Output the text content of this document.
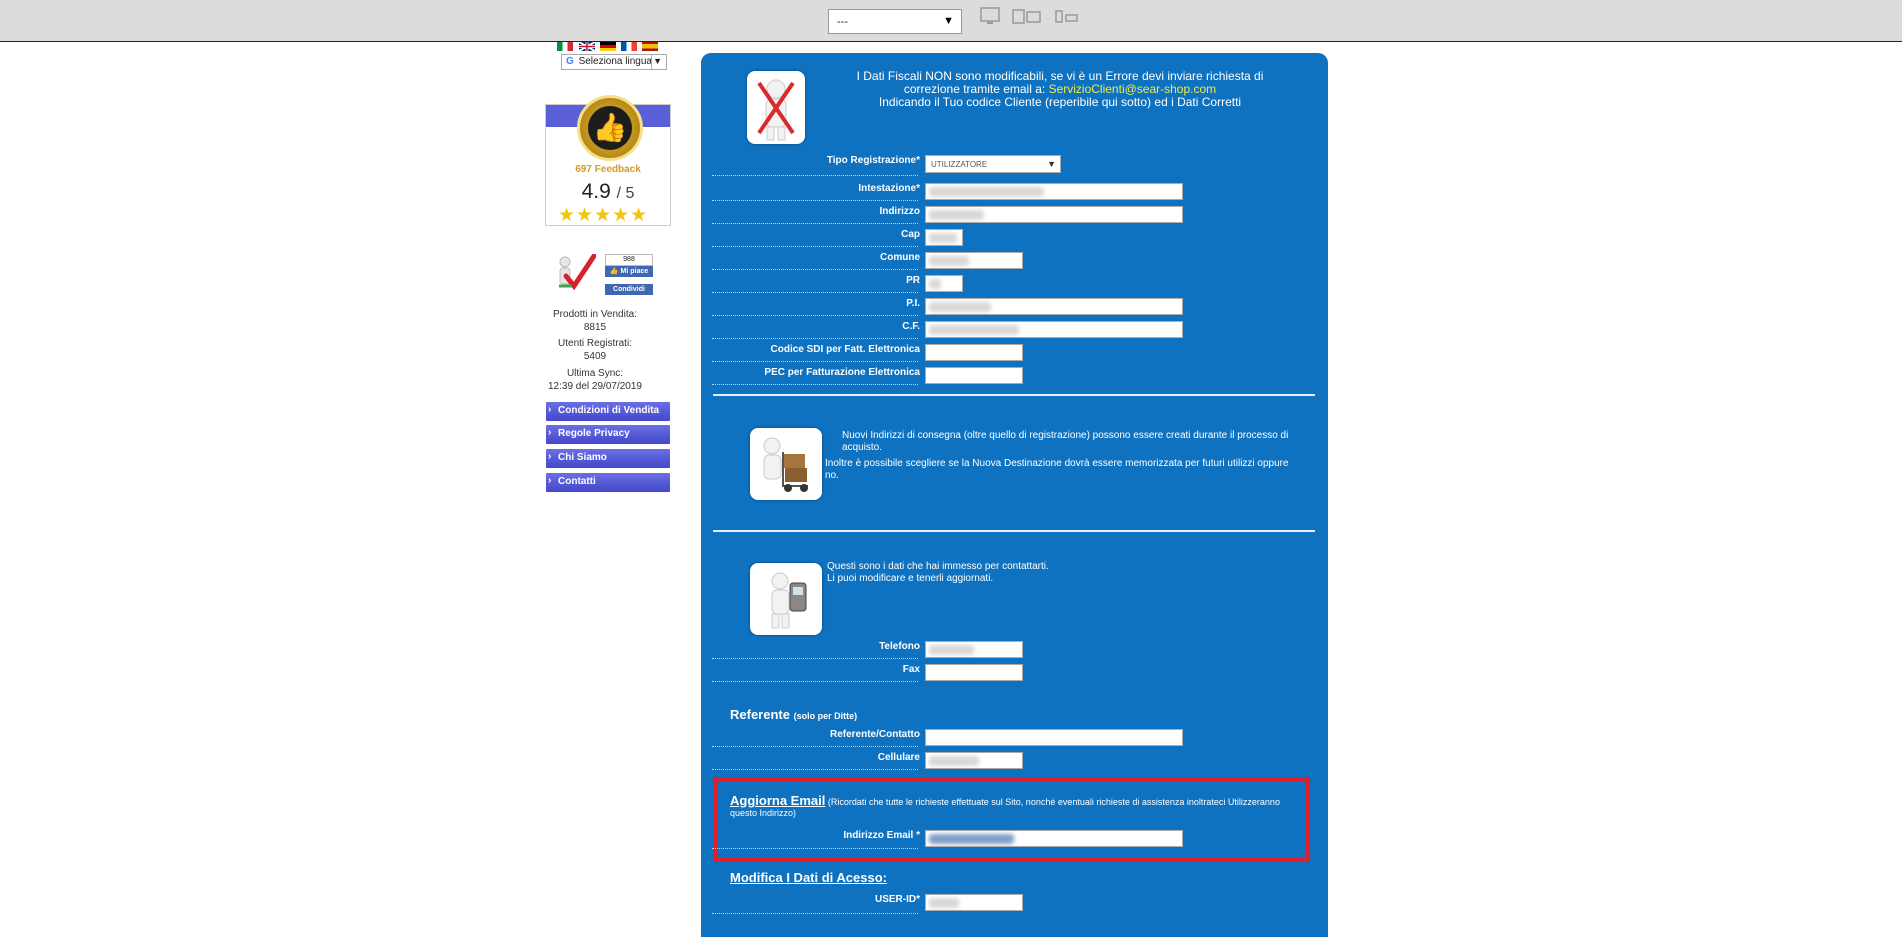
---	▼
G Seleziona lingua ▼
👍
697 Feedback
4.9 / 5
★★★★★
988
👍 Mi piace
Condividi
Prodotti in Vendita:
8815
Utenti Registrati:
5409
Ultima Sync:
12:39 del 29/07/2019
› Condizioni di Vendita
› Regole Privacy
› Chi Siamo
› Contatti
I Dati Fiscali NON sono modificabili, se vi è un Errore devi inviare richiesta di
correzione tramite email a: ServizioClienti@sear-shop.com
Indicando il Tuo codice Cliente (reperibile qui sotto) ed i Dati Corretti
Tipo Registrazione*	UTILIZZATORE	▼
Intestazione*
Indirizzo
Cap
Comune
PR
P.I.
C.F.
Codice SDI per Fatt. Elettronica
PEC per Fatturazione Elettronica
Nuovi Indirizzi di consegna (oltre quello di registrazione) possono essere creati durante il processo di acquisto.
Inoltre è possibile scegliere se la Nuova Destinazione dovrà essere memorizzata per futuri utilizzi oppure no.
Questi sono i dati che hai immesso per contattarti.
Li puoi modificare e tenerli aggiornati.
Telefono
Fax
Referente (solo per Ditte)
Referente/Contatto
Cellulare
Aggiorna Email (Ricordati che tutte le richieste effettuate sul Sito, nonché eventuali richieste di assistenza inoltrateci Utilizzeranno questo Indirizzo)
Indirizzo Email *
Modifica I Dati di Acesso:
USER-ID*
